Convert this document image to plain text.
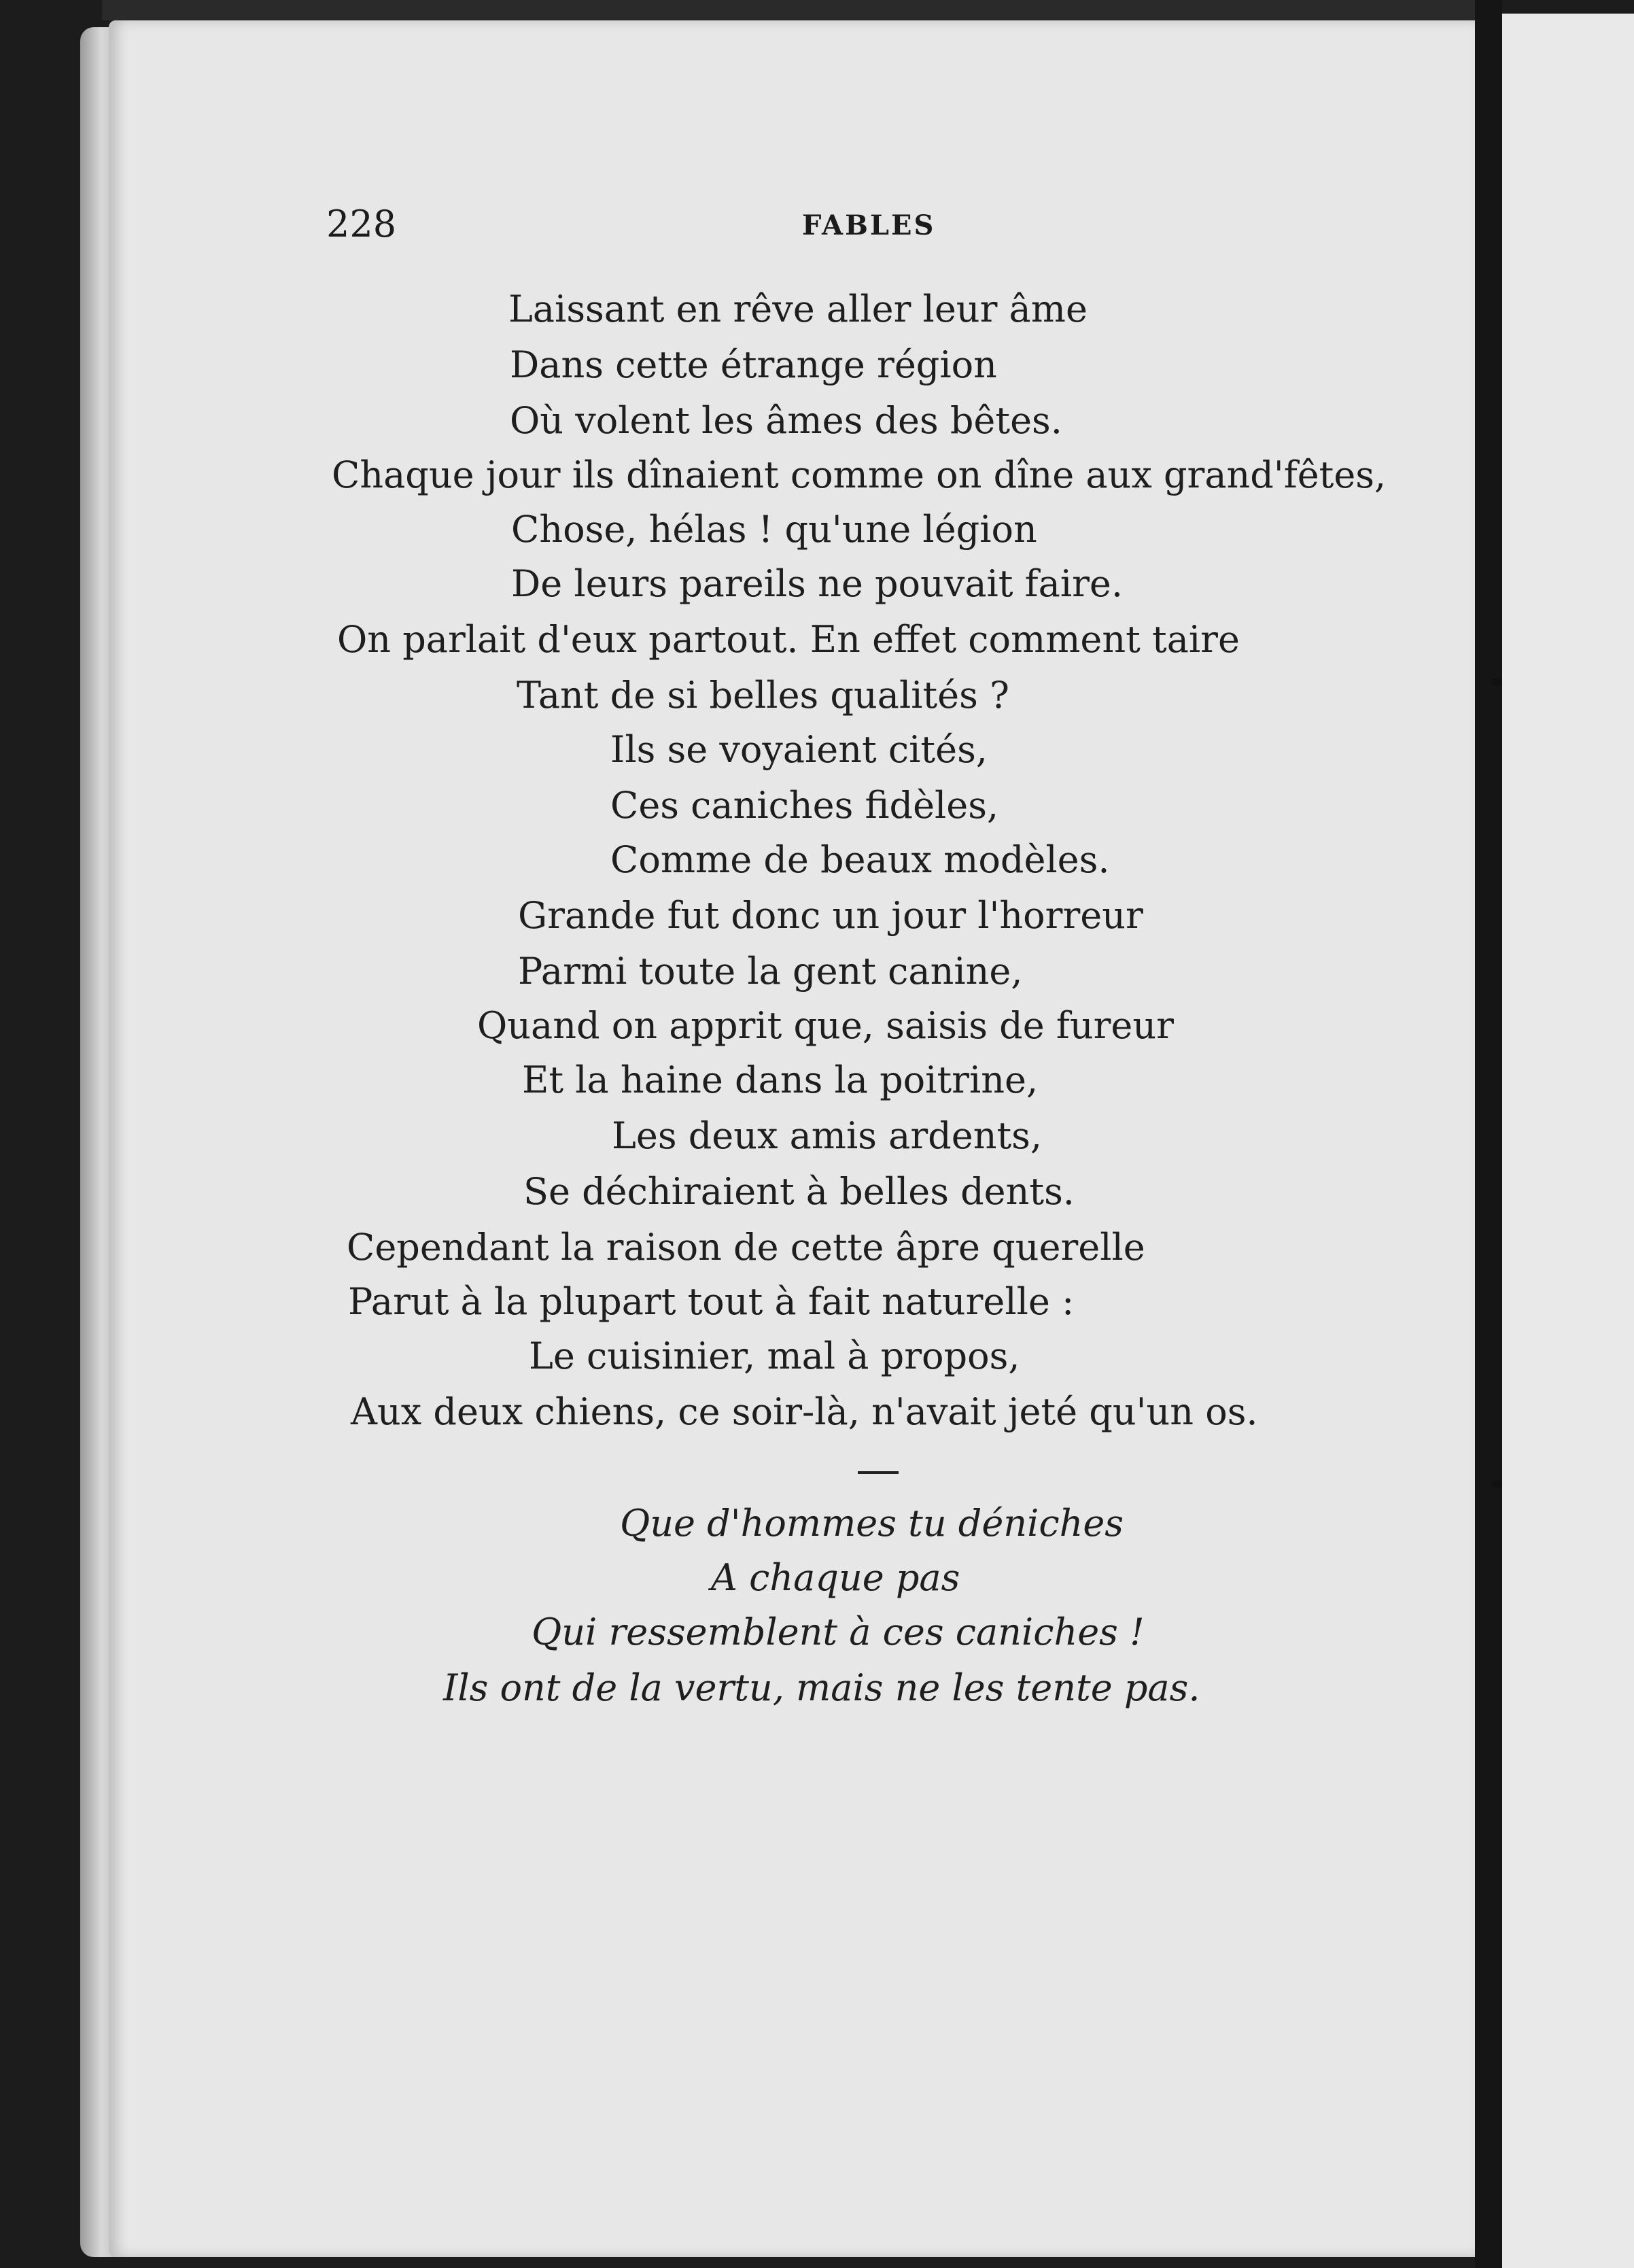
228	FABLES
Laissant en rêve aller leur âme
Dans cette étrange région
Où volent les âmes des bêtes.
Chaque jour ils dînaient comme on dîne aux grand'fêtes,
Chose, hélas ! qu'une légion
De leurs pareils ne pouvait faire.
On parlait d'eux partout. En effet comment taire
Tant de si belles qualités ?
Ils se voyaient cités,
Ces caniches fidèles,
Comme de beaux modèles.
Grande fut donc un jour l'horreur
Parmi toute la gent canine,
Quand on apprit que, saisis de fureur
Et la haine dans la poitrine,
Les deux amis ardents,
Se déchiraient à belles dents.
Cependant la raison de cette âpre querelle
Parut à la plupart tout à fait naturelle :
Le cuisinier, mal à propos,
Aux deux chiens, ce soir-là, n'avait jeté qu'un os.
Que d'hommes tu déniches
A chaque pas
Qui ressemblent à ces caniches !
Ils ont de la vertu, mais ne les tente pas.
